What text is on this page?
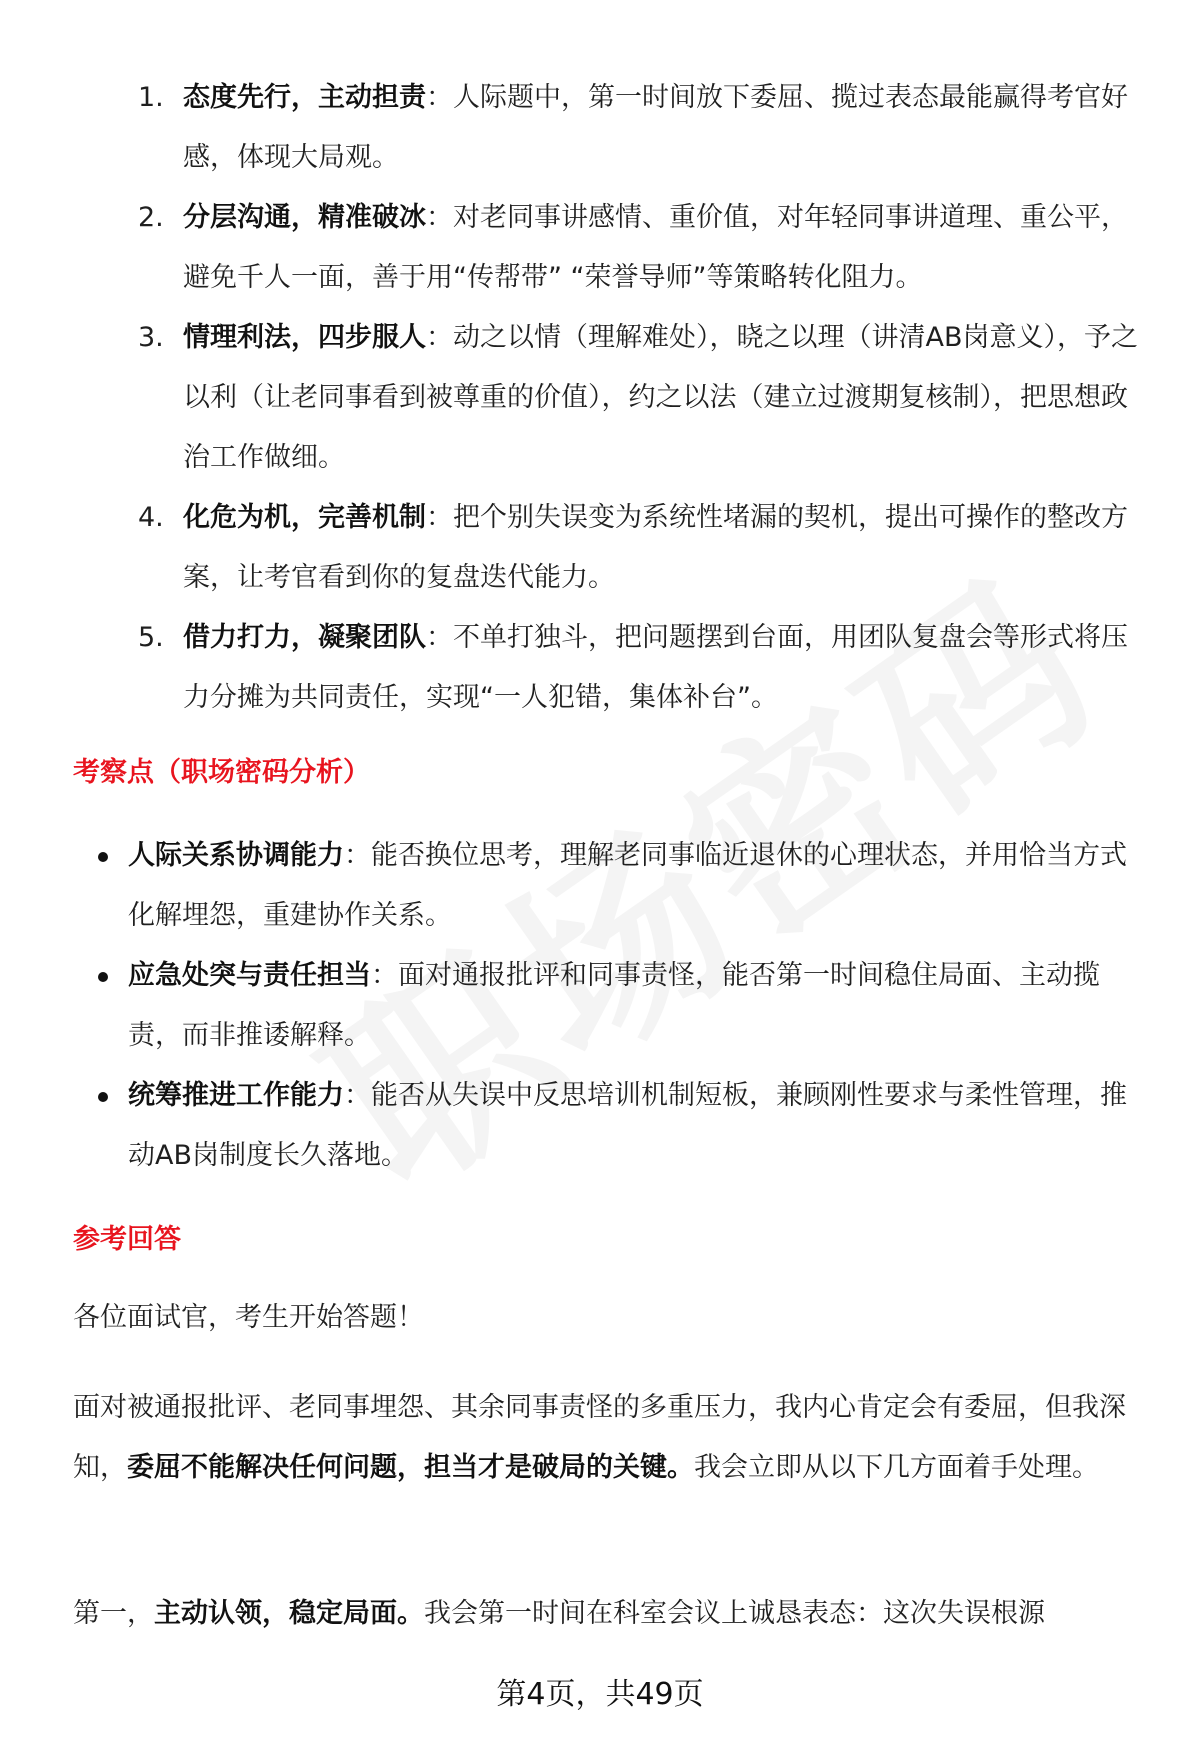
1. 态度先行，主动担责：人际题中，第一时间放下委屈、揽过表态最能赢得考官好感，体现大局观。
2. 分层沟通，精准破冰：对老同事讲感情、重价值，对年轻同事讲道理、重公平，避免千人一面，善于用“传帮带” “荣誉导师”等策略转化阻力。
3. 情理利法，四步服人：动之以情（理解难处），晓之以理（讲清AB岗意义），予之以利（让老同事看到被尊重的价值），约之以法（建立过渡期复核制），把思想政治工作做细。
4. 化危为机，完善机制：把个别失误变为系统性堵漏的契机，提出可操作的整改方案，让考官看到你的复盘迭代能力。
5. 借力打力，凝聚团队：不单打独斗，把问题摆到台面，用团队复盘会等形式将压力分摊为共同责任，实现“一人犯错，集体补台”。
考察点（职场密码分析）
人际关系协调能力：能否换位思考，理解老同事临近退休的心理状态，并用恰当方式化解埋怨，重建协作关系。
应急处突与责任担当：面对通报批评和同事责怪，能否第一时间稳住局面、主动揽责，而非推诿解释。
统筹推进工作能力：能否从失误中反思培训机制短板，兼顾刚性要求与柔性管理，推动AB岗制度长久落地。
参考回答
各位面试官，考生开始答题！
面对被通报批评、老同事埋怨、其余同事责怪的多重压力，我内心肯定会有委屈，但我深知，委屈不能解决任何问题，担当才是破局的关键。我会立即从以下几方面着手处理。
第一，主动认领，稳定局面。我会第一时间在科室会议上诚恳表态：这次失误根源
第4页，共49页
